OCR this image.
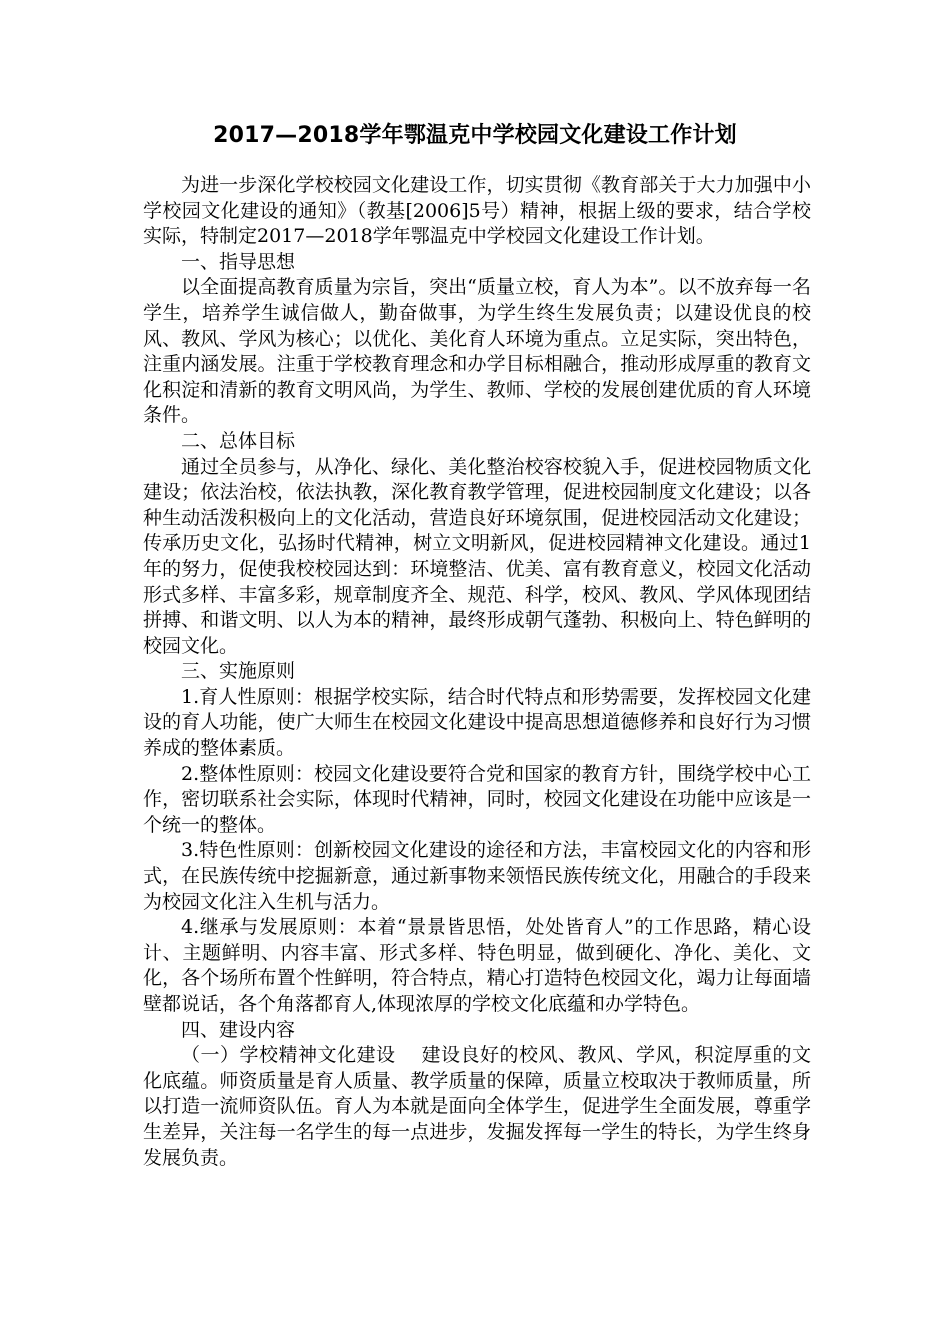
2017—2018学年鄂温克中学校园文化建设工作计划

为进一步深化学校校园文化建设工作，切实贯彻《教育部关于大力加强中小学校园文化建设的通知》（教基[2006]5号）精神，根据上级的要求，结合学校实际，特制定2017—2018学年鄂温克中学校园文化建设工作计划。

一、指导思想

以全面提高教育质量为宗旨，突出“质量立校，育人为本”。以不放弃每一名学生，培养学生诚信做人，勤奋做事，为学生终生发展负责；以建设优良的校风、教风、学风为核心；以优化、美化育人环境为重点。立足实际，突出特色，注重内涵发展。注重于学校教育理念和办学目标相融合，推动形成厚重的教育文化积淀和清新的教育文明风尚，为学生、教师、学校的发展创建优质的育人环境条件。

二、总体目标

通过全员参与，从净化、绿化、美化整治校容校貌入手，促进校园物质文化建设；依法治校，依法执教，深化教育教学管理，促进校园制度文化建设；以各种生动活泼积极向上的文化活动，营造良好环境氛围，促进校园活动文化建设；传承历史文化，弘扬时代精神，树立文明新风，促进校园精神文化建设。通过1年的努力，促使我校校园达到：环境整洁、优美、富有教育意义，校园文化活动形式多样、丰富多彩，规章制度齐全、规范、科学，校风、教风、学风体现团结拼搏、和谐文明、以人为本的精神，最终形成朝气蓬勃、积极向上、特色鲜明的校园文化。

三、实施原则

1.育人性原则：根据学校实际，结合时代特点和形势需要，发挥校园文化建设的育人功能，使广大师生在校园文化建设中提高思想道德修养和良好行为习惯养成的整体素质。

2.整体性原则：校园文化建设要符合党和国家的教育方针，围绕学校中心工作，密切联系社会实际，体现时代精神，同时，校园文化建设在功能中应该是一个统一的整体。

3.特色性原则：创新校园文化建设的途径和方法，丰富校园文化的内容和形式，在民族传统中挖掘新意，通过新事物来领悟民族传统文化，用融合的手段来为校园文化注入生机与活力。

4.继承与发展原则：本着“景景皆思悟，处处皆育人”的工作思路，精心设计、主题鲜明、内容丰富、形式多样、特色明显，做到硬化、净化、美化、文化，各个场所布置个性鲜明，符合特点，精心打造特色校园文化，竭力让每面墙壁都说话，各个角落都育人,体现浓厚的学校文化底蕴和办学特色。

四、建设内容

（一）学校精神文化建设　 建设良好的校风、教风、学风，积淀厚重的文化底蕴。师资质量是育人质量、教学质量的保障，质量立校取决于教师质量，所以打造一流师资队伍。育人为本就是面向全体学生，促进学生全面发展，尊重学生差异，关注每一名学生的每一点进步，发掘发挥每一学生的特长，为学生终身发展负责。
